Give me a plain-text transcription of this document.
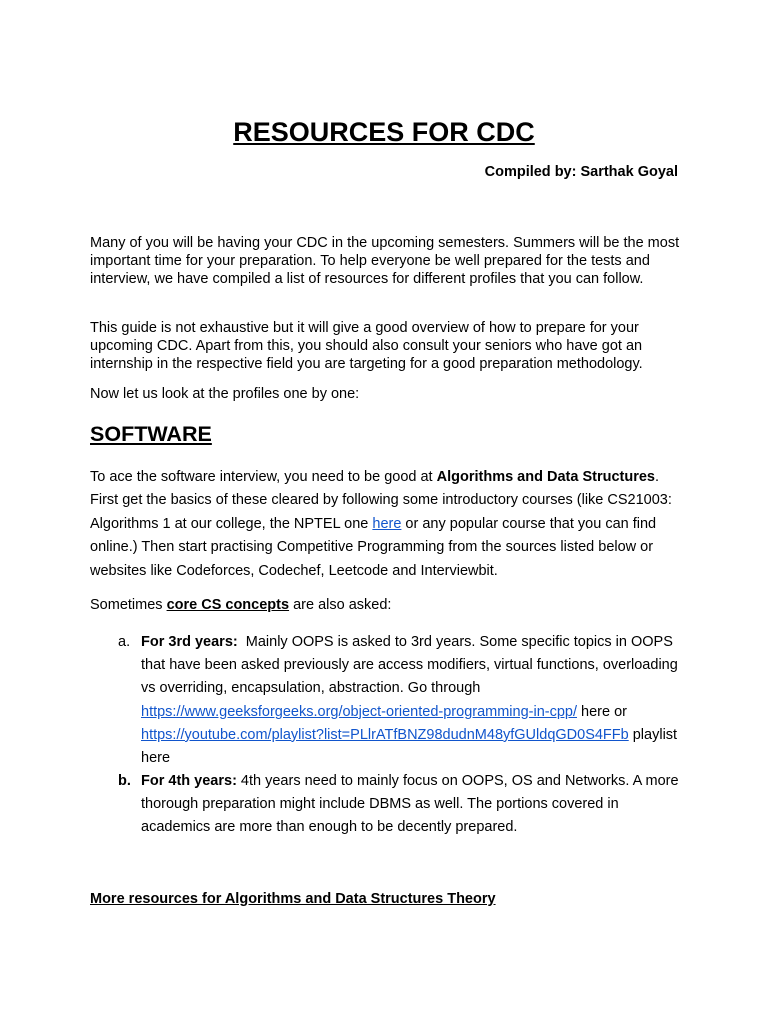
RESOURCES FOR CDC

Compiled by: Sarthak Goyal

Many of you will be having your CDC in the upcoming semesters. Summers will be the most important time for your preparation. To help everyone be well prepared for the tests and interview, we have compiled a list of resources for different profiles that you can follow.

This guide is not exhaustive but it will give a good overview of how to prepare for your upcoming CDC. Apart from this, you should also consult your seniors who have got an internship in the respective field you are targeting for a good preparation methodology.

Now let us look at the profiles one by one:

SOFTWARE

To ace the software interview, you need to be good at Algorithms and Data Structures. First get the basics of these cleared by following some introductory courses (like CS21003: Algorithms 1 at our college, the NPTEL one here or any popular course that you can find online.) Then start practising Competitive Programming from the sources listed below or websites like Codeforces, Codechef, Leetcode and Interviewbit.

Sometimes core CS concepts are also asked:

a. For 3rd years:  Mainly OOPS is asked to 3rd years. Some specific topics in OOPS that have been asked previously are access modifiers, virtual functions, overloading vs overriding, encapsulation, abstraction. Go through https://www.geeksforgeeks.org/object-oriented-programming-in-cpp/ here or https://youtube.com/playlist?list=PLlrATfBNZ98dudnM48yfGUldqGD0S4FFb playlist here

b. For 4th years: 4th years need to mainly focus on OOPS, OS and Networks. A more thorough preparation might include DBMS as well. The portions covered in academics are more than enough to be decently prepared.

More resources for Algorithms and Data Structures Theory
